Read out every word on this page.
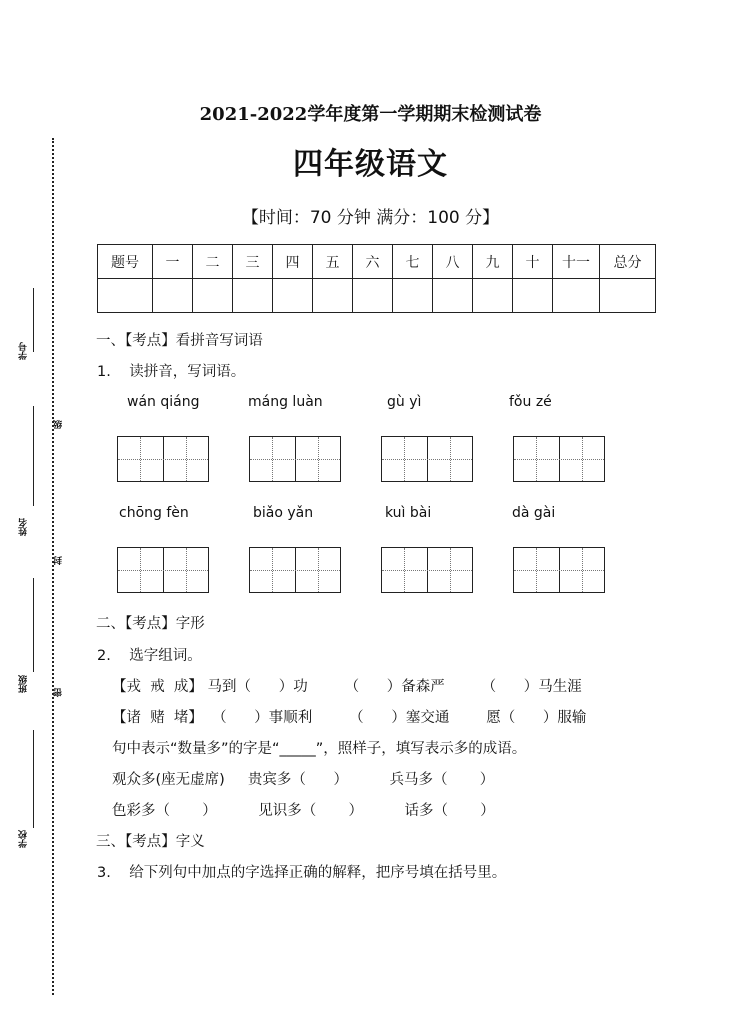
学号
级
姓名
封
班级	密
学校
2021-2022学年度第一学期期末检测试卷
四年级语文
【时间：70 分钟 满分：100 分】
题号	一	二	三	四	五	六	七	八	九	十	十一	总分

一、【考点】看拼音写词语
1.    读拼音，写词语。
wán qiáng	máng luàn	gù yì	fǒu zé
chōng fèn	biǎo yǎn	kuì bài	dà gài
二、【考点】字形
2.    选字组词。
【戎  戒  成】 马到（      ）功        （      ）备森严        （      ）马生涯
【诸  赌  堵】  （      ）事顺利        （      ）塞交通        愿（      ）服输
句中表示“数量多”的字是“_____”，照样子，填写表示多的成语。
观众多(座无虚席)     贵宾多（      ）         兵马多（       ）
色彩多（       ）         见识多（       ）         话多（       ）
三、【考点】字义
3.    给下列句中加点的字选择正确的解释，把序号填在括号里。
